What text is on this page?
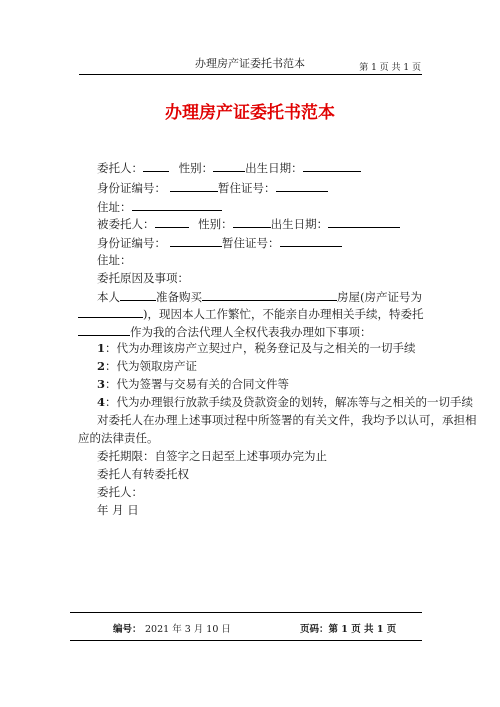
办理房产证委托书范本	第 1 页 共 1 页
办理房产证委托书范本
委托人：	性别：	出生日期：
身份证编号：	暂住证号：
住址：
被委托人：	性别：	出生日期：
身份证编号：	暂住证号：
住址：
委托原因及事项：
本人	准备购买	房屋(房产证号为
)，现因本人工作繁忙，不能亲自办理相关手续，特委托
作为我的合法代理人全权代表我办理如下事项：
1：代为办理该房产立契过户，税务登记及与之相关的一切手续
2：代为领取房产证
3：代为签署与交易有关的合同文件等
4：代为办理银行放款手续及贷款资金的划转，解冻等与之相关的一切手续
对委托人在办理上述事项过程中所签署的有关文件，我均予以认可，承担相
应的法律责任。
委托期限：自签字之日起至上述事项办完为止
委托人有转委托权
委托人：
年 月 日
编号： 2021 年 3 月 10 日	页码：第 1 页 共 1 页
